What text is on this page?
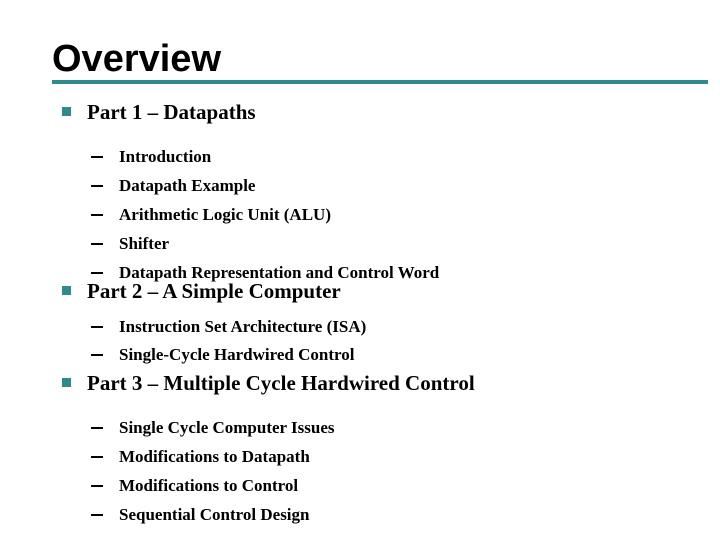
Overview
Part 1 – Datapaths
Introduction
Datapath Example
Arithmetic Logic Unit (ALU)
Shifter
Datapath Representation and Control Word
Part 2 – A Simple Computer
Instruction Set Architecture (ISA)
Single-Cycle Hardwired Control
Part 3 – Multiple Cycle Hardwired Control
Single Cycle Computer Issues
Modifications to Datapath
Modifications to Control
Sequential Control Design
